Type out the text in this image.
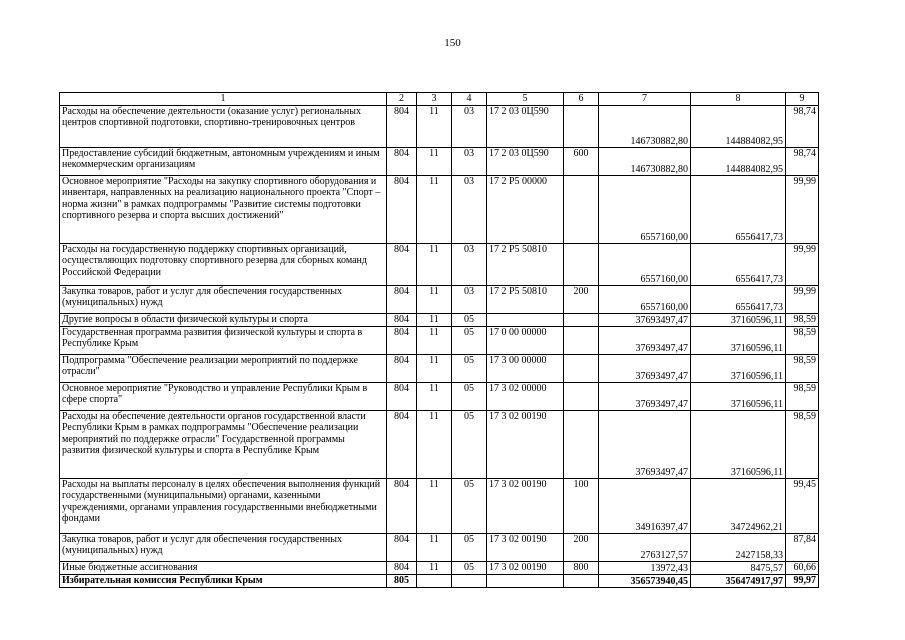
150
1	2	3	4	5	6	7	8	9
Расходы на обеспечение деятельности (оказание услуг) региональных центров спортивной подготовки, спортивно-тренировочных центров	804	11	03	17 2 03 0Ц590		146730882,80	144884082,95	98,74
Предоставление субсидий бюджетным, автономным учреждениям и иным некоммерческим организациям	804	11	03	17 2 03 0Ц590	600	146730882,80	144884082,95	98,74
Основное мероприятие "Расходы на закупку спортивного оборудования и инвентаря, направленных на реализацию национального проекта "Спорт – норма жизни" в рамках подпрограммы "Развитие системы подготовки спортивного резерва и спорта высших достижений"	804	11	03	17 2 P5 00000		6557160,00	6556417,73	99,99
Расходы на государственную поддержку спортивных организаций, осуществляющих подготовку спортивного резерва для сборных команд Российской Федерации	804	11	03	17 2 P5 50810		6557160,00	6556417,73	99,99
Закупка товаров, работ и услуг для обеспечения государственных (муниципальных) нужд	804	11	03	17 2 P5 50810	200	6557160,00	6556417,73	99,99
Другие вопросы в области физической культуры и спорта	804	11	05			37693497,47	37160596,11	98,59
Государственная программа развития физической культуры и спорта в Республике Крым	804	11	05	17 0 00 00000		37693497,47	37160596,11	98,59
Подпрограмма "Обеспечение реализации мероприятий по поддержке отрасли"	804	11	05	17 3 00 00000		37693497,47	37160596,11	98,59
Основное мероприятие "Руководство и управление Республики Крым в сфере спорта"	804	11	05	17 3 02 00000		37693497,47	37160596,11	98,59
Расходы на обеспечение деятельности органов государственной власти Республики Крым в рамках подпрограммы "Обеспечение реализации мероприятий по поддержке отрасли" Государственной программы развития физической культуры и спорта в Республике Крым	804	11	05	17 3 02 00190		37693497,47	37160596,11	98,59
Расходы на выплаты персоналу в целях обеспечения выполнения функций государственными (муниципальными) органами, казенными учреждениями, органами управления государственными внебюджетными фондами	804	11	05	17 3 02 00190	100	34916397,47	34724962,21	99,45
Закупка товаров, работ и услуг для обеспечения государственных (муниципальных) нужд	804	11	05	17 3 02 00190	200	2763127,57	2427158,33	87,84
Иные бюджетные ассигнования	804	11	05	17 3 02 00190	800	13972,43	8475,57	60,66
Избирательная комиссия Республики Крым	805					356573940,45	356474917,97	99,97
